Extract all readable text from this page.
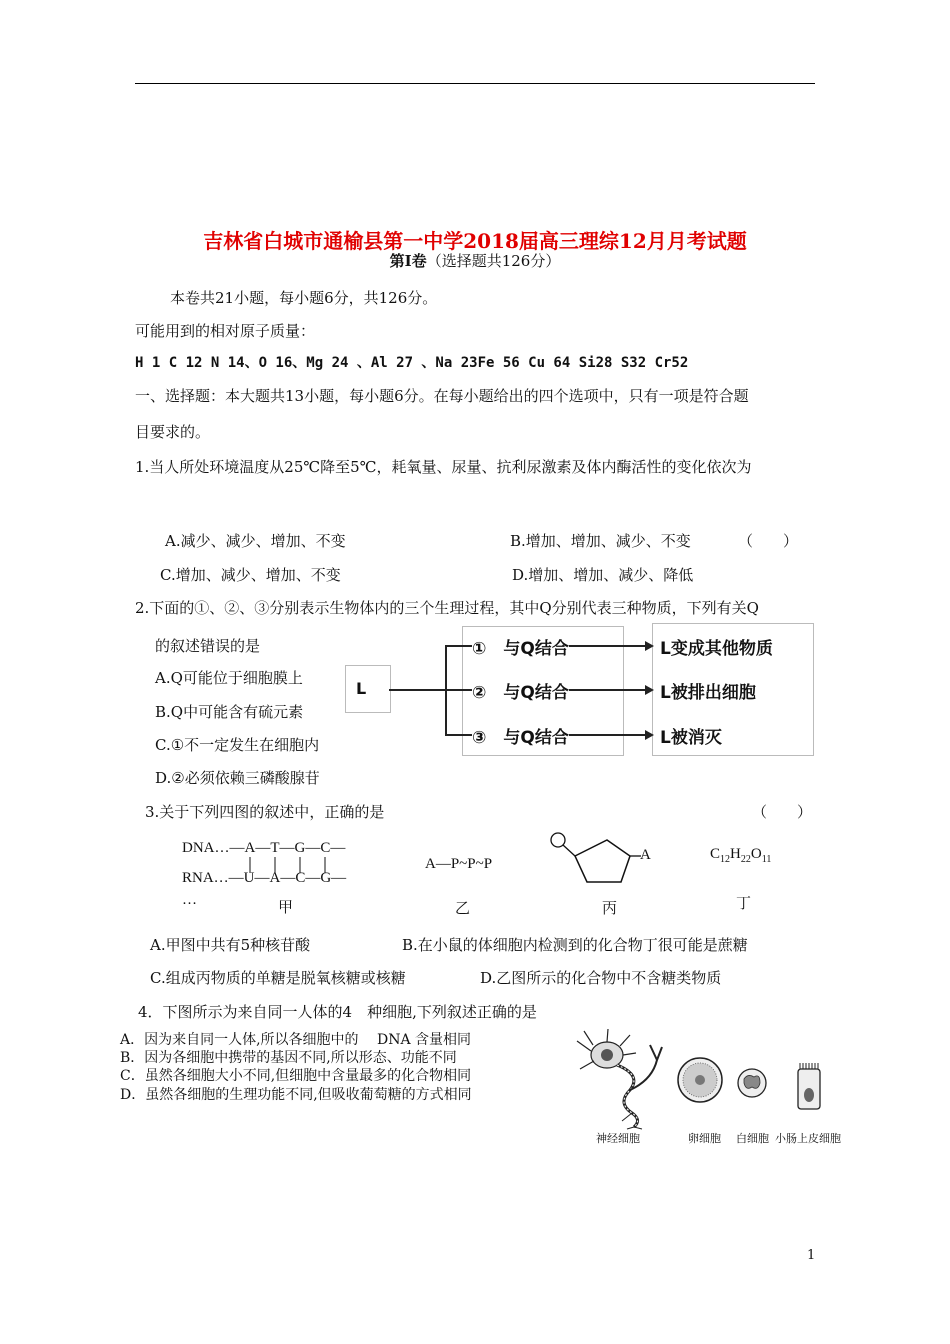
吉林省白城市通榆县第一中学2018届高三理综12月月考试题
第Ⅰ卷（选择题共126分）
本卷共21小题，每小题6分，共126分。
可能用到的相对原子质量：
H 1 C 12 N 14、O 16、Mg 24 、Al 27 、Na 23Fe 56 Cu 64 Si28 S32 Cr52
一、选择题：本大题共13小题，每小题6分。在每小题给出的四个选项中，只有一项是符合题
目要求的。
1.当人所处环境温度从25℃降至5℃，耗氧量、尿量、抗利尿激素及体内酶活性的变化依次为
A.减少、减少、增加、不变	B.增加、增加、减少、不变	（　　）
C.增加、减少、增加、不变	D.增加、增加、减少、降低
2.下面的①、②、③分别表示生物体内的三个生理过程，其中Q分别代表三种物质，下列有关Q
的叙述错误的是
A.Q可能位于细胞膜上
B.Q中可能含有硫元素
C.①不一定发生在细胞内
D.②必须依赖三磷酸腺苷
L
①　与Q结合
②　与Q结合
③　与Q结合
L变成其他物质
L被排出细胞
L被消灭
3.关于下列四图的叙述中，正确的是	（　　）
DNA…—A—T—G—C—
RNA…—U—A—C—G—
…	甲
A—P~P~P
乙
A
丙
$C_{12}H_{22}O_{11}$
丁
A.甲图中共有5种核苷酸	B.在小鼠的体细胞内检测到的化合物丁很可能是蔗糖
C.组成丙物质的单糖是脱氧核糖或核糖	D.乙图所示的化合物中不含糖类物质
4．下图所示为来自同一人体的4　种细胞,下列叙述正确的是
A．因为来自同一人体,所以各细胞中的　 DNA 含量相同
B．因为各细胞中携带的基因不同,所以形态、功能不同
C．虽然各细胞大小不同,但细胞中含量最多的化合物相同
D．虽然各细胞的生理功能不同,但吸收葡萄糖的方式相同
神经细胞	卵细胞 白细胞 小肠上皮细胞
1
